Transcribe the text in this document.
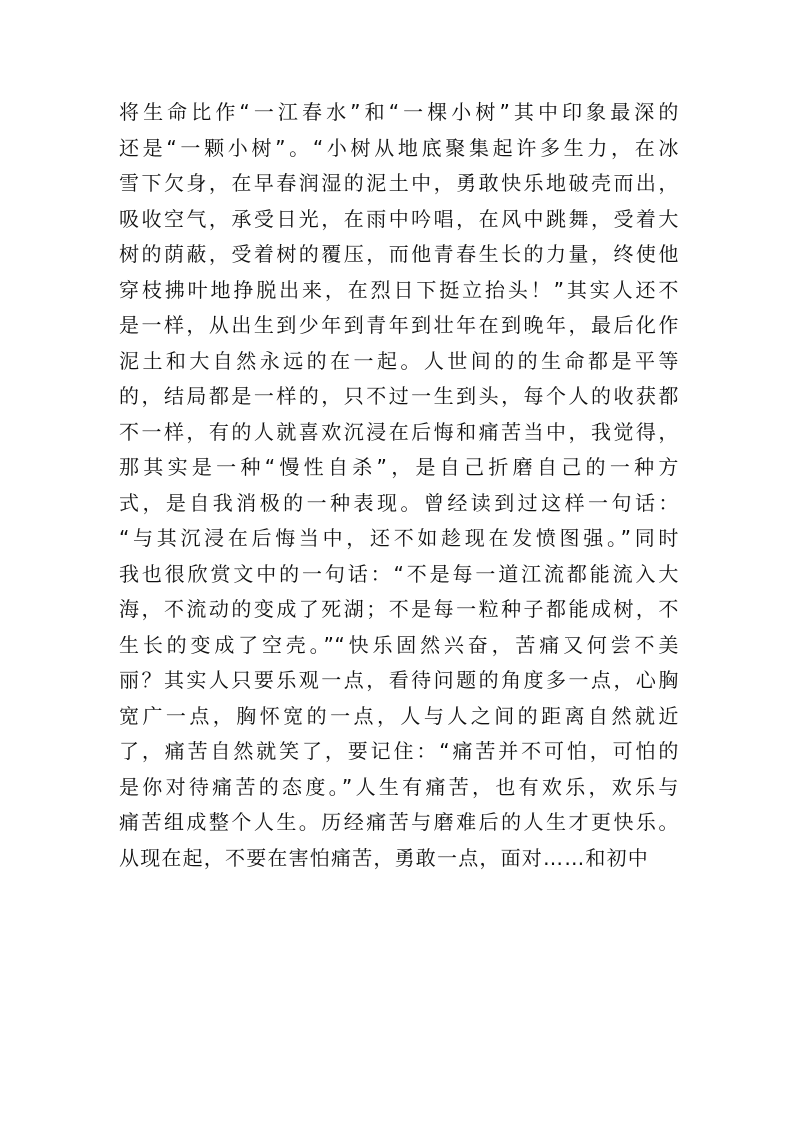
将生命比作“一江春水”和“一棵小树”其中印象最深的
还是“一颗小树”。“小树从地底聚集起许多生力，在冰
雪下欠身，在早春润湿的泥土中，勇敢快乐地破壳而出，
吸收空气，承受日光，在雨中吟唱，在风中跳舞，受着大
树的荫蔽，受着树的覆压，而他青春生长的力量，终使他
穿枝拂叶地挣脱出来，在烈日下挺立抬头！”其实人还不
是一样，从出生到少年到青年到壮年在到晚年，最后化作
泥土和大自然永远的在一起。人世间的的生命都是平等
的，结局都是一样的，只不过一生到头，每个人的收获都
不一样，有的人就喜欢沉浸在后悔和痛苦当中，我觉得，
那其实是一种“慢性自杀”，是自己折磨自己的一种方
式，是自我消极的一种表现。曾经读到过这样一句话：
“与其沉浸在后悔当中，还不如趁现在发愤图强。”同时
我也很欣赏文中的一句话：“不是每一道江流都能流入大
海，不流动的变成了死湖；不是每一粒种子都能成树，不
生长的变成了空壳。”“快乐固然兴奋，苦痛又何尝不美
丽？其实人只要乐观一点，看待问题的角度多一点，心胸
宽广一点，胸怀宽的一点，人与人之间的距离自然就近
了，痛苦自然就笑了，要记住：“痛苦并不可怕，可怕的
是你对待痛苦的态度。”人生有痛苦，也有欢乐，欢乐与
痛苦组成整个人生。历经痛苦与磨难后的人生才更快乐。
从现在起，不要在害怕痛苦，勇敢一点，面对……和初中
